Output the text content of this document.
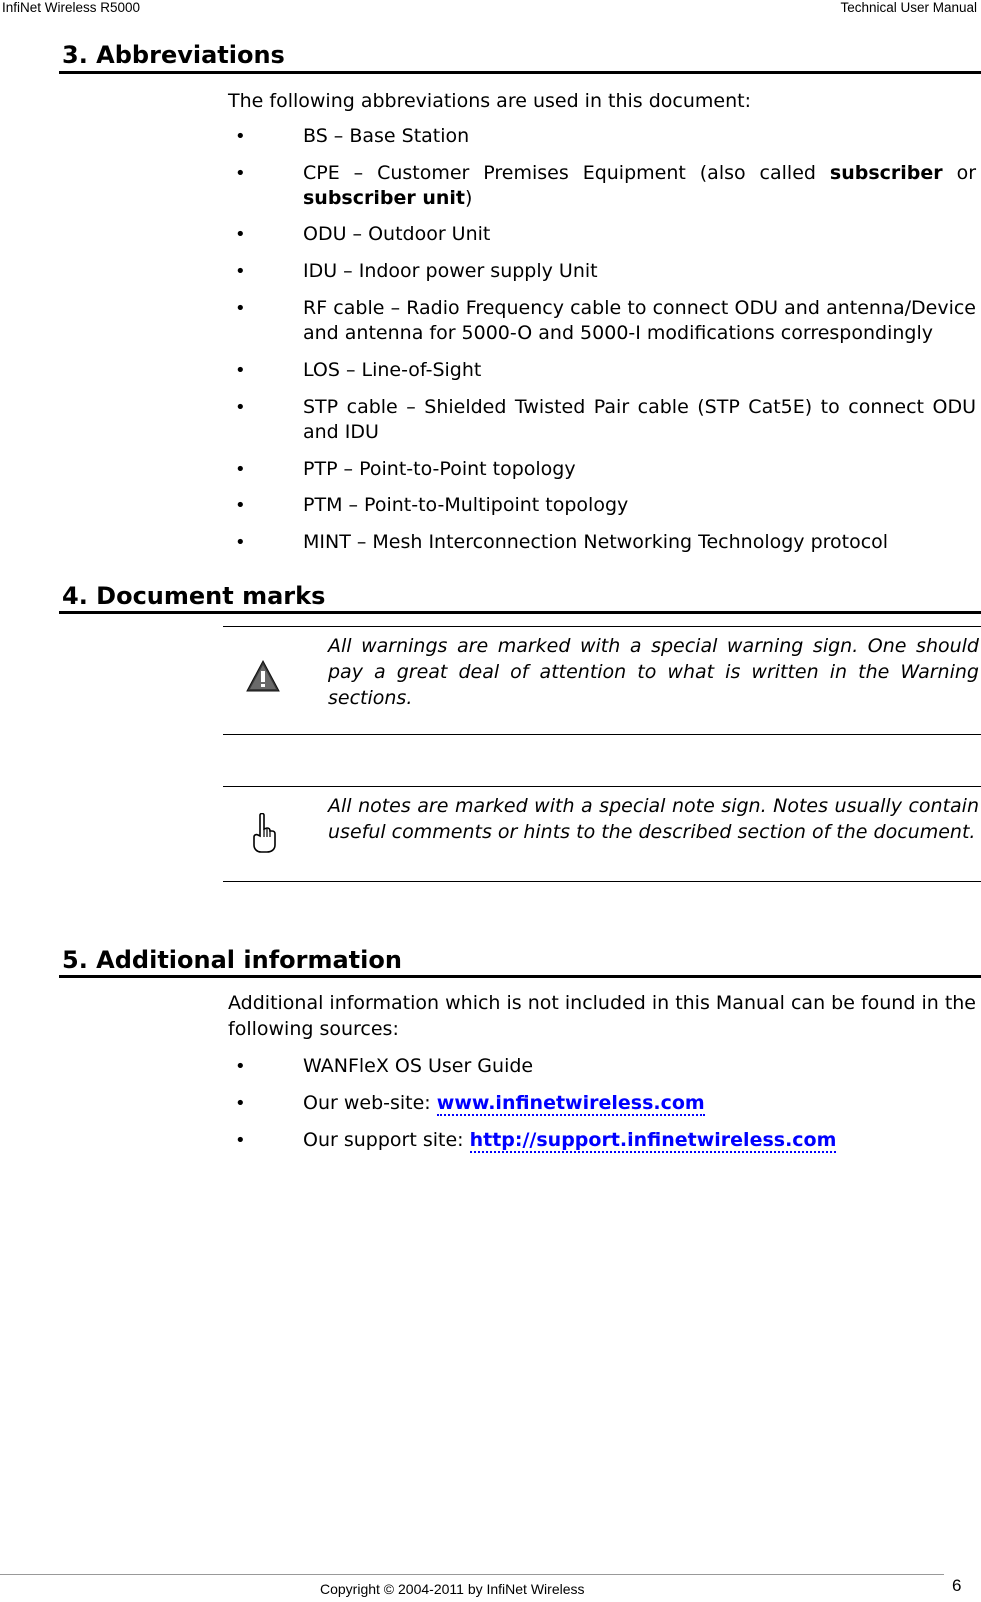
InfiNet Wireless R5000	Technical User Manual
3. Abbreviations

The following abbreviations are used in this document:

•	BS – Base Station
•	CPE – Customer Premises Equipment (also called subscriber or
subscriber unit)
•	ODU – Outdoor Unit
•	IDU – Indoor power supply Unit
•	RF cable – Radio Frequency cable to connect ODU and antenna/Device and antenna for 5000-O and 5000-I modifications correspondingly
•	LOS – Line-of-Sight
•	STP cable – Shielded Twisted Pair cable (STP Cat5E) to connect ODU and IDU
•	PTP – Point-to-Point topology
•	PTM – Point-to-Multipoint topology
•	MINT – Mesh Interconnection Networking Technology protocol
4. Document marks
All warnings are marked with a special warning sign. One should pay a great deal of attention to what is written in the Warning sections.
All notes are marked with a special note sign. Notes usually contain useful comments or hints to the described section of the document.
5. Additional information

Additional information which is not included in this Manual can be found in the following sources:

•	WANFleX OS User Guide
•	Our web-site: www.infinetwireless.com
•	Our support site: http://support.infinetwireless.com
Copyright © 2004-2011 by InfiNet Wireless	6
